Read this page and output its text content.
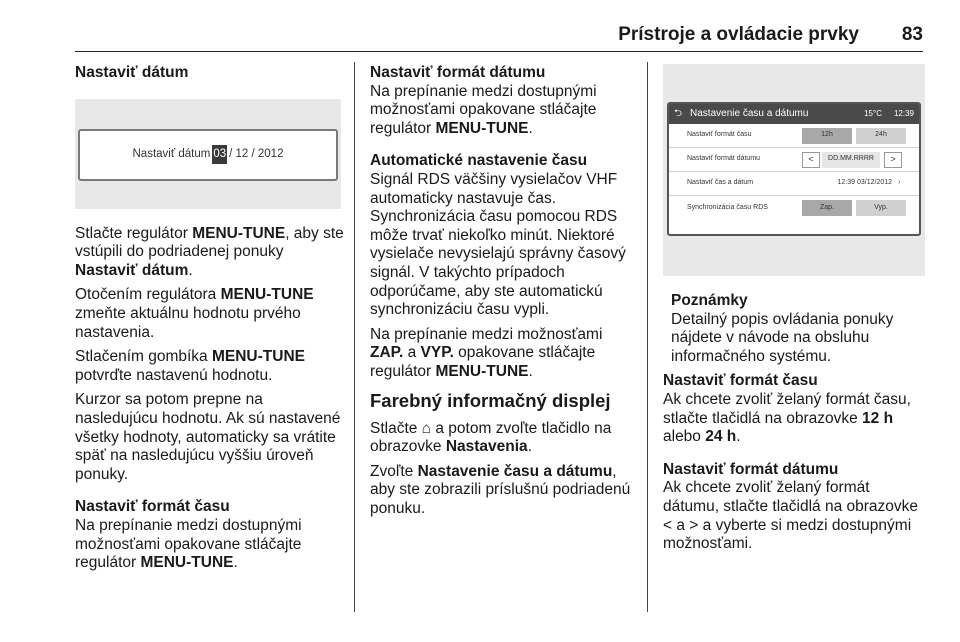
Prístroje a ovládacie prvky 83
Nastaviť dátum
Nastaviť dátum 03 / 12 / 2012
Stlačte regulátor MENU-TUNE, aby ste vstúpili do podriadenej ponuky Nastaviť dátum.
Otočením regulátora MENU-TUNE zmeňte aktuálnu hodnotu prvého nastavenia.
Stlačením gombíka MENU-TUNE potvrďte nastavenú hodnotu.
Kurzor sa potom prepne na nasledujúcu hodnotu. Ak sú nastavené všetky hodnoty, automaticky sa vrátite späť na nasledujúcu vyššiu úroveň ponuky.
Nastaviť formát času
Na prepínanie medzi dostupnými možnosťami opakovane stláčajte regulátor MENU-TUNE.
Nastaviť formát dátumu
Na prepínanie medzi dostupnými možnosťami opakovane stláčajte regulátor MENU-TUNE.
Automatické nastavenie času
Signál RDS väčšiny vysielačov VHF automaticky nastavuje čas. Synchronizácia času pomocou RDS môže trvať niekoľko minút. Niektoré vysielače nevysielajú správny časový signál. V takýchto prípadoch odporúčame, aby ste automatickú synchronizáciu času vypli.
Na prepínanie medzi možnosťami ZAP. a VYP. opakovane stláčajte regulátor MENU-TUNE.
Farebný informačný displej
Stlačte ⌂ a potom zvoľte tlačidlo na obrazovke Nastavenia.
Zvoľte Nastavenie času a dátumu, aby ste zobrazili príslušnú podriadenú ponuku.
⮌ Nastavenie času a dátumu	15°C 12:39
Nastaviť formát času	12h	24h
Nastaviť formát dátumu	<	DD.MM.RRRR	>
Nastaviť čas a dátum	12:39 03/12/2012 ›
Synchronizácia času RDS	Zap.	Vyp.
Poznámky
Detailný popis ovládania ponuky nájdete v návode na obsluhu informačného systému.
Nastaviť formát času
Ak chcete zvoliť želaný formát času, stlačte tlačidlá na obrazovke 12 h alebo 24 h.
Nastaviť formát dátumu
Ak chcete zvoliť želaný formát dátumu, stlačte tlačidlá na obrazovke < a > a vyberte si medzi dostupnými možnosťami.
